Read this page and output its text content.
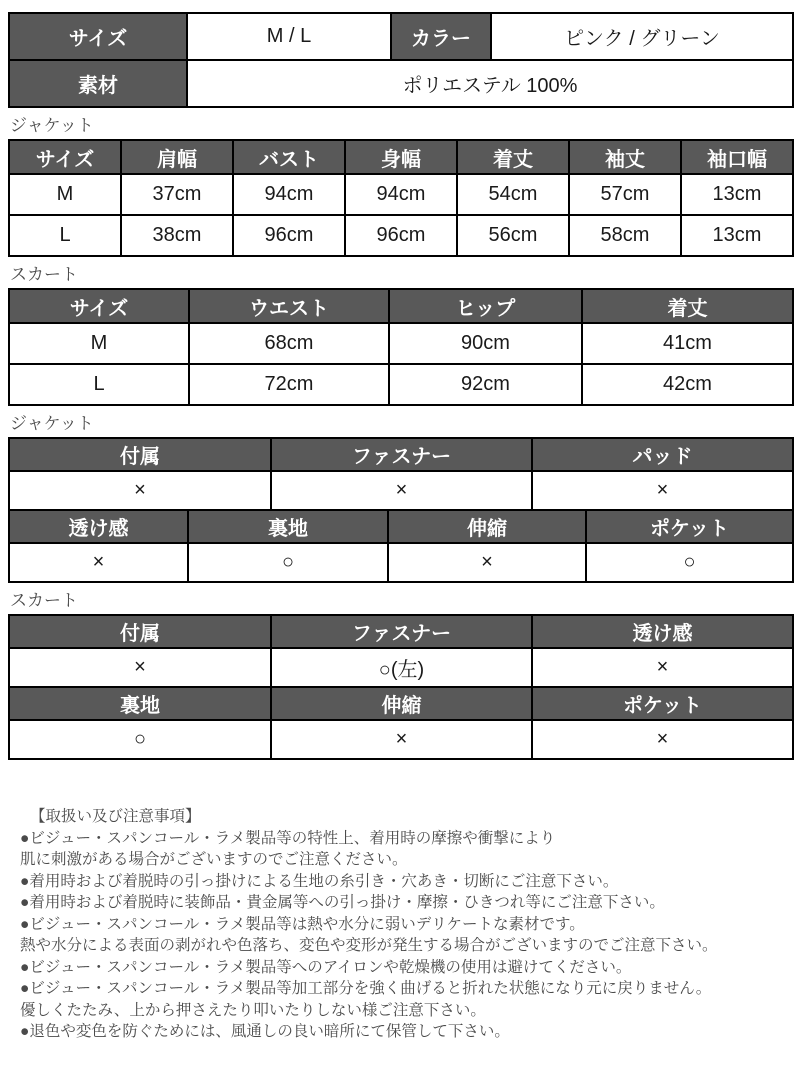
サイズ	M / L	カラー	ピンク / グリーン
素材	ポリエステル 100%		
ジャケット
サイズ	肩幅	バスト	身幅	着丈	袖丈	袖口幅
M	37cm	94cm	94cm	54cm	57cm	13cm
L	38cm	96cm	96cm	56cm	58cm	13cm
スカート
サイズ	ウエスト	ヒップ	着丈
M	68cm	90cm	41cm
L	72cm	92cm	42cm
ジャケット
付属	ファスナー	パッド
×	×	×
透け感	裏地	伸縮	ポケット
×	○	×	○
スカート
付属	ファスナー	透け感
×	○(左)	×
裏地	伸縮	ポケット
○	×	×
【取扱い及び注意事項】
●ビジュー・スパンコール・ラメ製品等の特性上、着用時の摩擦や衝撃により
肌に刺激がある場合がございますのでご注意ください。
●着用時および着脱時の引っ掛けによる生地の糸引き・穴あき・切断にご注意下さい。
●着用時および着脱時に装飾品・貴金属等への引っ掛け・摩擦・ひきつれ等にご注意下さい。
●ビジュー・スパンコール・ラメ製品等は熱や水分に弱いデリケートな素材です。
熱や水分による表面の剥がれや色落ち、変色や変形が発生する場合がございますのでご注意下さい。
●ビジュー・スパンコール・ラメ製品等へのアイロンや乾燥機の使用は避けてください。
●ビジュー・スパンコール・ラメ製品等加工部分を強く曲げると折れた状態になり元に戻りません。
優しくたたみ、上から押さえたり叩いたりしない様ご注意下さい。
●退色や変色を防ぐためには、風通しの良い暗所にて保管して下さい。
